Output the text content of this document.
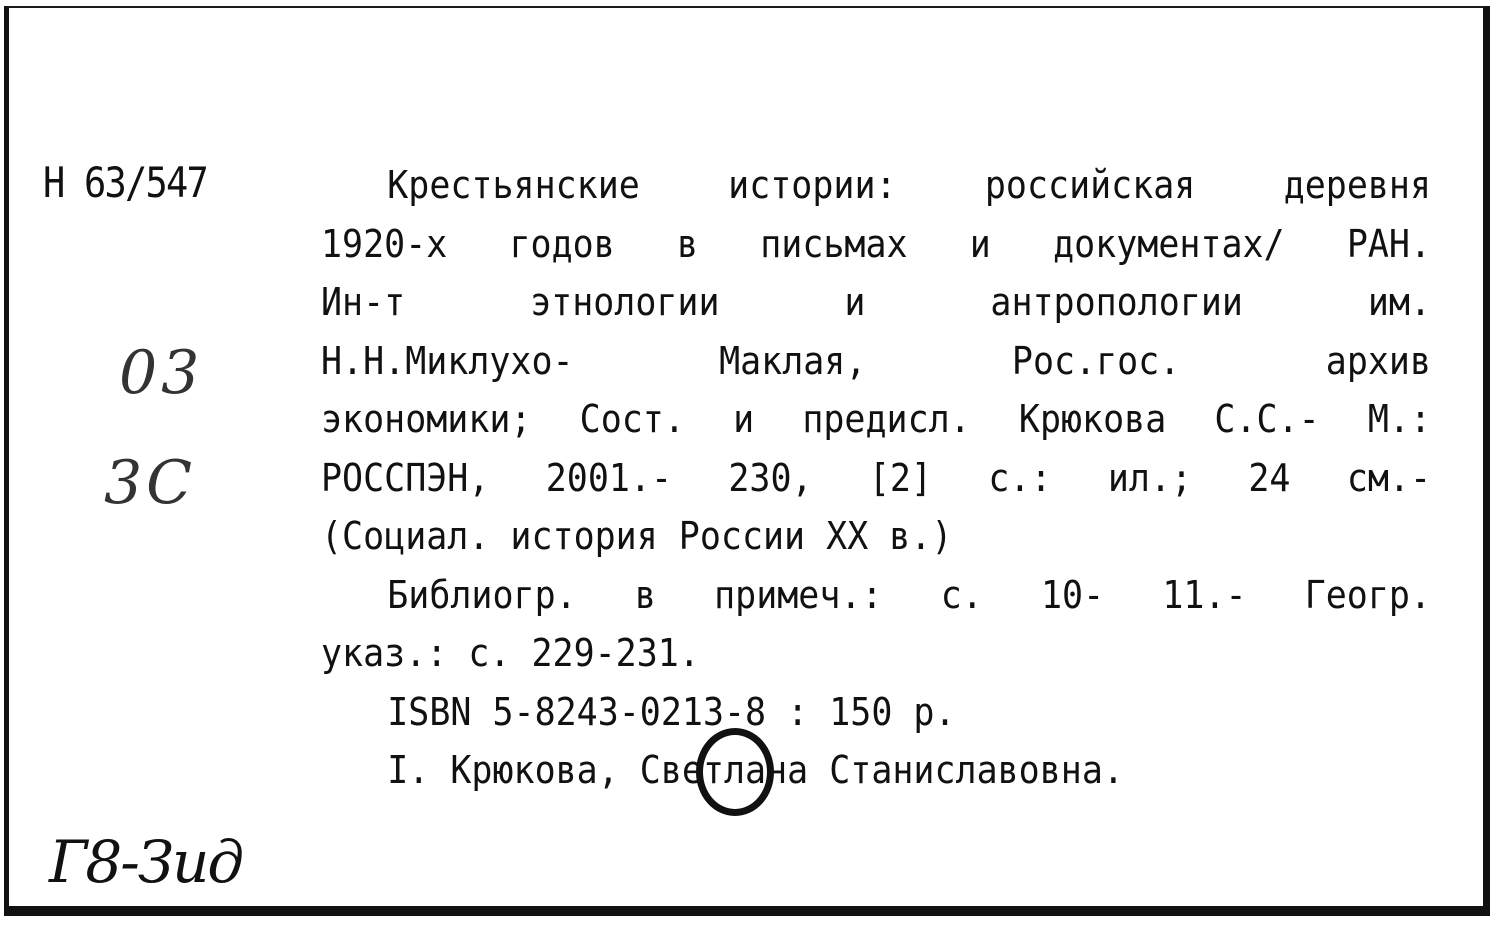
Н 63/547
03
3С
Г8-Зид
Крестьянские истории: российская деревня
1920-х годов в письмах и документах/ РАН.
Ин-т	этнологии	и	антропологии	им.
Н.Н.Миклухо-	Маклая,	Рос.гос.	архив
экономики; Сост. и предисл. Крюкова С.С.- М.:
РОССПЭН, 2001.- 230, [2] с.: ил.; 24 см.-
(Социал. история России XX в.)
Библиогр. в примеч.: с. 10- 11.- Геогр.
указ.: с. 229-231.
ISBN 5-8243-0213-8 : 150 р.
I. Крюкова, Светлана Станиславовна.
